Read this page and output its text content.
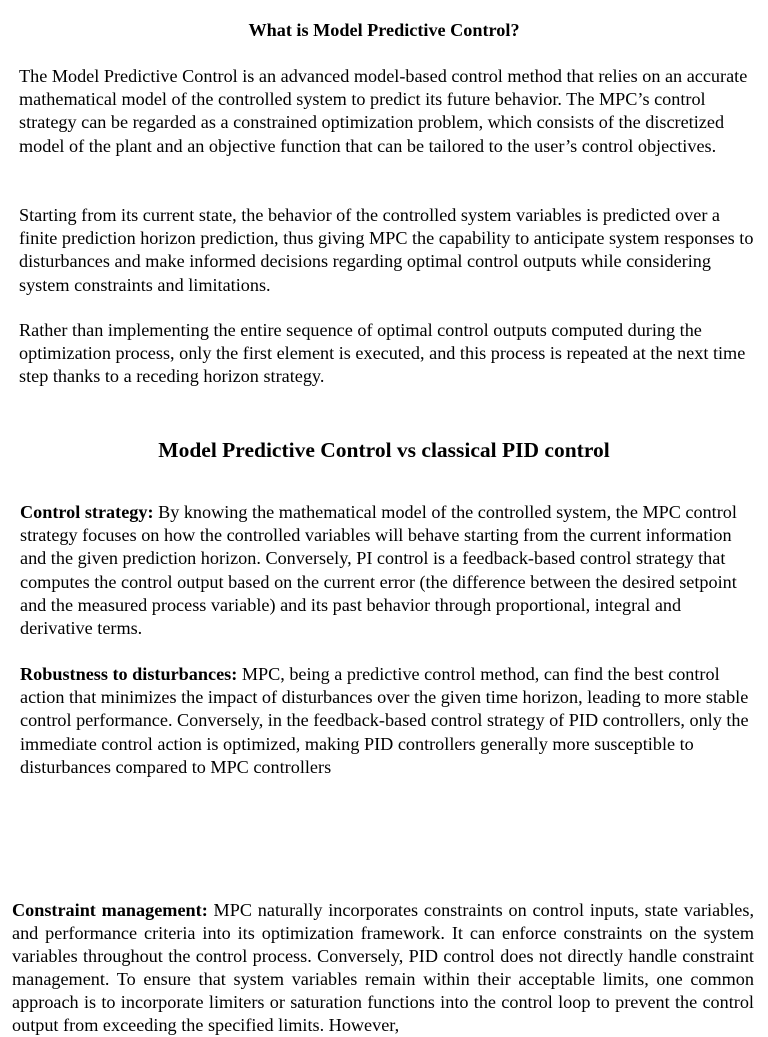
What is Model Predictive Control?

The Model Predictive Control is an advanced model-based control method that relies on an accurate mathematical model of the controlled system to predict its future behavior. The MPC’s control strategy can be regarded as a constrained optimization problem, which consists of the discretized model of the plant and an objective function that can be tailored to the user’s control objectives.

Starting from its current state, the behavior of the controlled system variables is predicted over a finite prediction horizon prediction, thus giving MPC the capability to anticipate system responses to disturbances and make informed decisions regarding optimal control outputs while considering system constraints and limitations.

Rather than implementing the entire sequence of optimal control outputs computed during the optimization process, only the first element is executed, and this process is repeated at the next time step thanks to a receding horizon strategy.

Model Predictive Control vs classical PID control

Control strategy: By knowing the mathematical model of the controlled system, the MPC control strategy focuses on how the controlled variables will behave starting from the current information and the given prediction horizon. Conversely, PI control is a feedback-based control strategy that computes the control output based on the current error (the difference between the desired setpoint and the measured process variable) and its past behavior through proportional, integral and derivative terms.

Robustness to disturbances: MPC, being a predictive control method, can find the best control action that minimizes the impact of disturbances over the given time horizon, leading to more stable control performance. Conversely, in the feedback-based control strategy of PID controllers, only the immediate control action is optimized, making PID controllers generally more susceptible to disturbances compared to MPC controllers

Constraint management: MPC naturally incorporates constraints on control inputs, state variables, and performance criteria into its optimization framework. It can enforce constraints on the system variables throughout the control process. Conversely, PID control does not directly handle constraint management. To ensure that system variables remain within their acceptable limits, one common approach is to incorporate limiters or saturation functions into the control loop to prevent the control output from exceeding the specified limits. However,
